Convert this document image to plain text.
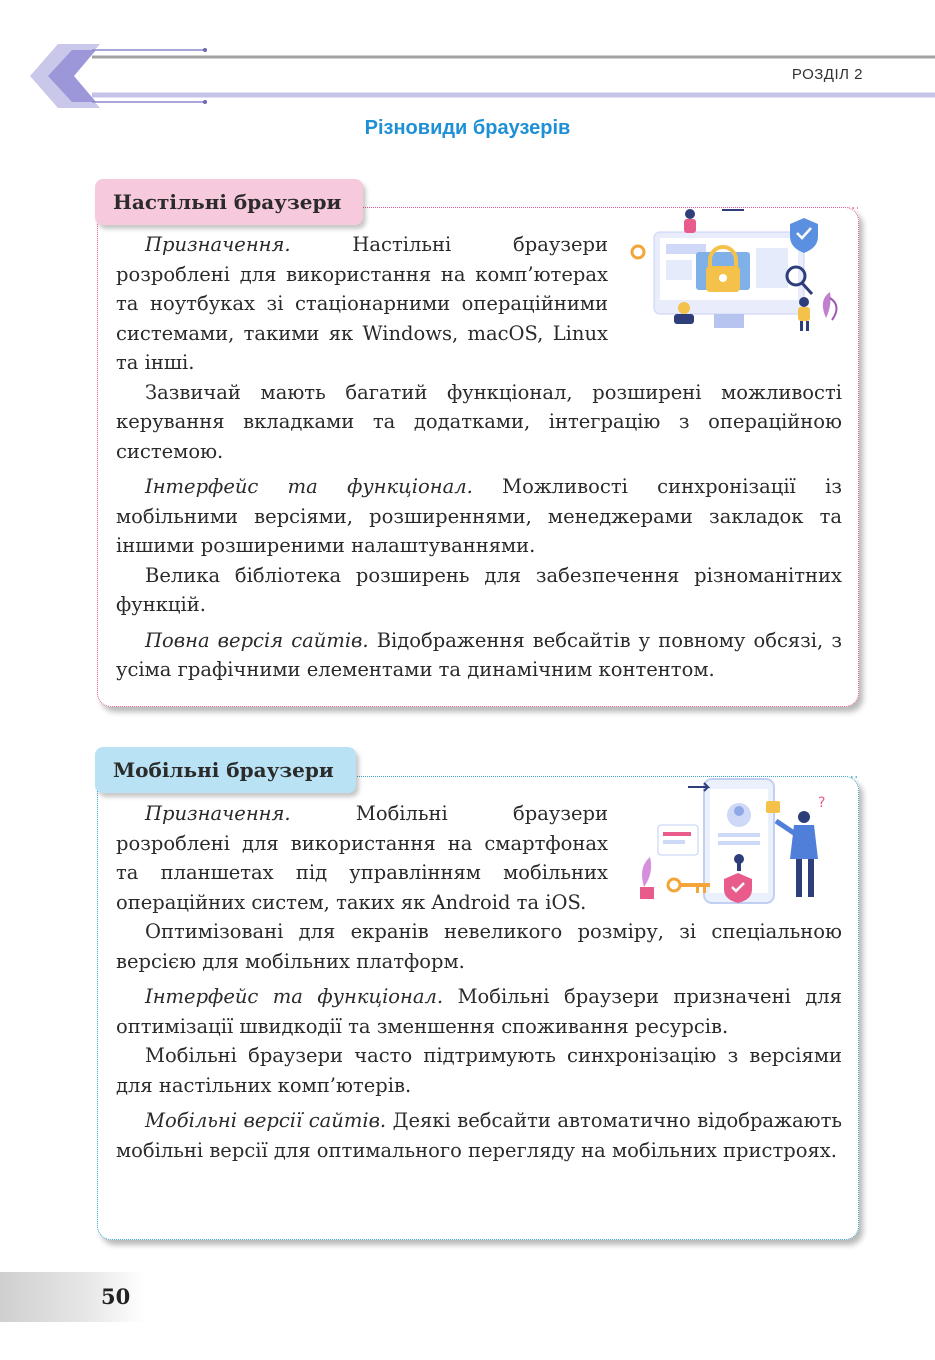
РОЗДІЛ 2
Різновиди браузерів

Призначення. Настільні браузери розроблені для використання на комп’ютерах та ноутбуках зі стаціонарними операційними системами, такими як Windows, macOS, Linux та інші.

Зазвичай мають багатий функціонал, розширені можливості керування вкладками та додатками, інтеграцію з операційною системою.

Інтерфейс та функціонал. Можливості синхронізації із мобільними версіями, розширеннями, менеджерами закладок та іншими розширеними налаштуваннями.

Велика бібліотека розширень для забезпечення різноманітних функцій.

Повна версія сайтів. Відображення вебсайтів у повному обсязі, з усіма графічними елементами та динамічним контентом.

Настільні браузери
?

Призначення. Мобільні браузери розроблені для використання на смартфонах та планшетах під управлінням мобільних операційних систем, таких як Android та iOS.

Оптимізовані для екранів невеликого розміру, зі спеціальною версією для мобільних платформ.

Інтерфейс та функціонал. Мобільні браузери призначені для оптимізації швидкодії та зменшення споживання ресурсів.

Мобільні браузери часто підтримують синхронізацію з версіями для настільних комп’ютерів.

Мобільні версії сайтів. Деякі вебсайти автоматично відображають мобільні версії для оптимального перегляду на мобільних пристроях.

Мобільні браузери
50
